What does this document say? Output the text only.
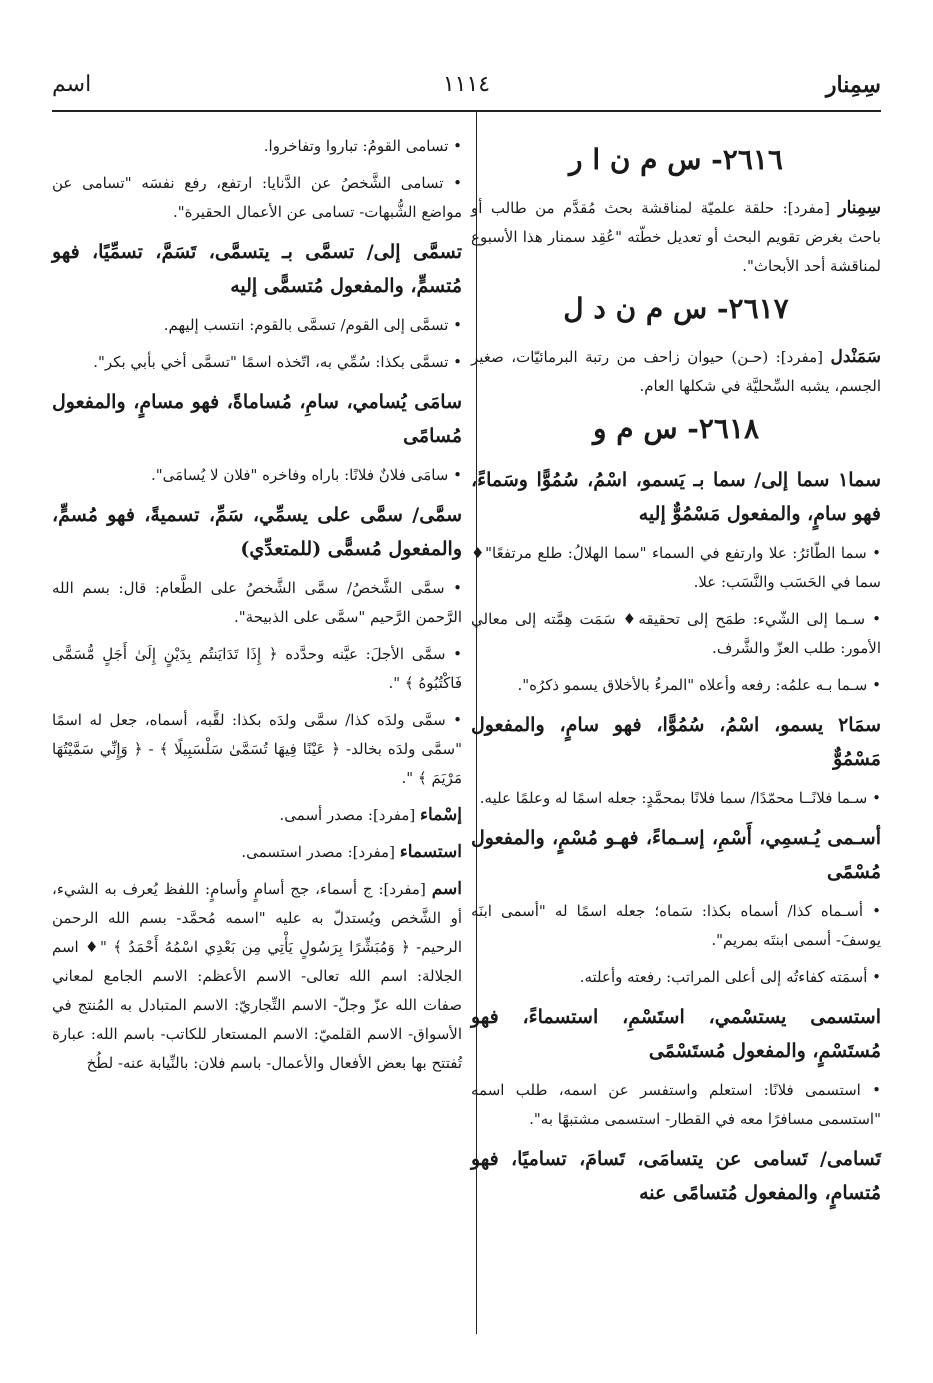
سِمِنار
١١١٤
اسم
٢٦١٦- س م ن ا ر
سِمِنار [مفرد]: حلقة علميّة لمناقشة بحث مُقدَّم من طالب أو باحث بغرض تقويم البحث أو تعديل خطّته "عُقِد سمنار هذا الأسبوع لمناقشة أحد الأبحاث".
٢٦١٧- س م ن د ل
سَمَنْدل [مفرد]: (حـن) حيوان زاحف من رتبة البرمائيّات، صغير الجسم، يشبه السِّحليَّة في شكلها العام.
٢٦١٨- س م و
سما١ سما إلى/ سما بـ يَسمو، اسْمُ، سُمُوًّا وسَماءً، فهو سامٍ، والمفعول مَسْمُوٌّ إليه
• سما الطّائرُ: علا وارتفع في السماء "سما الهلالُ: طلع مرتفعًا"♦ سما في الحَسَب والنَّسَب: علا.
• سـما إلى الشّيء: طمَح إلى تحقيقه♦ سَمَت هِمَّته إلى معالي الأمور: طلب العزّ والشَّرف.
• سـما بـه علمُه: رفعه وأعلاه "المرءُ بالأخلاق يسمو ذكرُه".
سمَا٢ يسمو، اسْمُ، سُمُوًّا، فهو سامٍ، والمفعول مَسْمُوٌّ
• سـما فلانًــا محمّدًا/ سما فلانًا بمحمَّدٍ: جعله اسمًا له وعلمًا عليه.
أسـمى يُـسمِي، أَسْمِ، إسـماءً، فهـو مُسْمٍ، والمفعول مُسْمًى
• أسـماه كذا/ أسماه بكذا: سَماه؛ جعله اسمًا له "أسمى ابنَه يوسفَ- أسمى ابنتَه بمريم".
• أسمَته كفاءتُه إلى أعلى المراتب: رفعته وأعلته.
استسمى يستسْمي، استَسْمِ، استسماءً، فهو مُستَسْمٍ، والمفعول مُستَسْمًى
• استسمى فلانًا: استعلم واستفسر عن اسمه، طلب اسمه "استسمى مسافرًا معه في القطار- استسمى مشتبهًا به".
تَسامى/ تَسامى عن يتسامَى، تَسامَ، تساميًا، فهو مُتسامٍ، والمفعول مُتسامًى عنه
• تسامى القومُ: تباروا وتفاخروا.
• تسامى الشَّخصُ عن الدَّنايا: ارتفع، رفع نفسَه "تسامى عن مواضع الشُّبهات- تسامى عن الأعمال الحقيرة".
تسمَّى إلى/ تسمَّى بـ يتسمَّى، تَسَمَّ، تسمِّيًا، فهو مُتسمٍّ، والمفعول مُتسمًّى إليه
• تسمَّى إلى القوم/ تسمَّى بالقوم: انتسب إليهم.
• تسمَّى بكذا: سُمِّي به، اتّخذه اسمًا "تسمَّى أخي بأبي بكر".
سامَى يُسامي، سامِ، مُساماةً، فهو مسامٍ، والمفعول مُسامًى
• سامَى فلانٌ فلانًا: باراه وفاخره "فلان لا يُسامَى".
سمَّى/ سمَّى على يسمِّي، سَمِّ، تسميةً، فهو مُسمٍّ، والمفعول مُسمًّى (للمتعدِّي)
• سمَّى الشَّخصُ/ سمَّى الشَّخصُ على الطَّعام: قال: بسم الله الرَّحمن الرَّحيم "سمَّى على الذبيحة".
• سمَّى الأجلَ: عيَّنه وحدَّده ﴿ إِذَا تَدَايَنتُم بِدَيْنٍ إِلَىٰ أَجَلٍ مُّسَمًّى فَاكْتُبُوهُ ﴾ ".
• سمَّى ولدَه كذا/ سمَّى ولدَه بكذا: لقَّبه، أسماه، جعل له اسمًا "سمَّى ولدَه بخالد- ﴿ عَيْنًا فِيهَا تُسَمَّىٰ سَلْسَبِيلًا ﴾ - ﴿ وَإِنِّي سَمَّيْتُهَا مَرْيَمَ ﴾ ".
إسْماء [مفرد]: مصدر أسمى.
استسماء [مفرد]: مصدر استسمى.
اسم [مفرد]: ج أسماء، جج أسامٍ وأسامٍ: اللفظ يُعرف به الشيء، أو الشَّخص ويُستدلّ به عليه "اسمه مُحمَّد- بسم الله الرحمن الرحيم- ﴿ وَمُبَشِّرًا بِرَسُولٍ يَأْتِي مِن بَعْدِي اسْمُهُ أَحْمَدُ ﴾ "♦ اسم الجلالة: اسم الله تعالى- الاسم الأعظم: الاسم الجامع لمعاني صفات الله عزّ وجلّ- الاسم التِّجاريّ: الاسم المتبادل به المُنتج في الأسواق- الاسم القلميّ: الاسم المستعار للكاتب- باسم الله: عبارة تُفتتح بها بعض الأفعال والأعمال- باسم فلان: بالنِّيابة عنه- لطُخ
